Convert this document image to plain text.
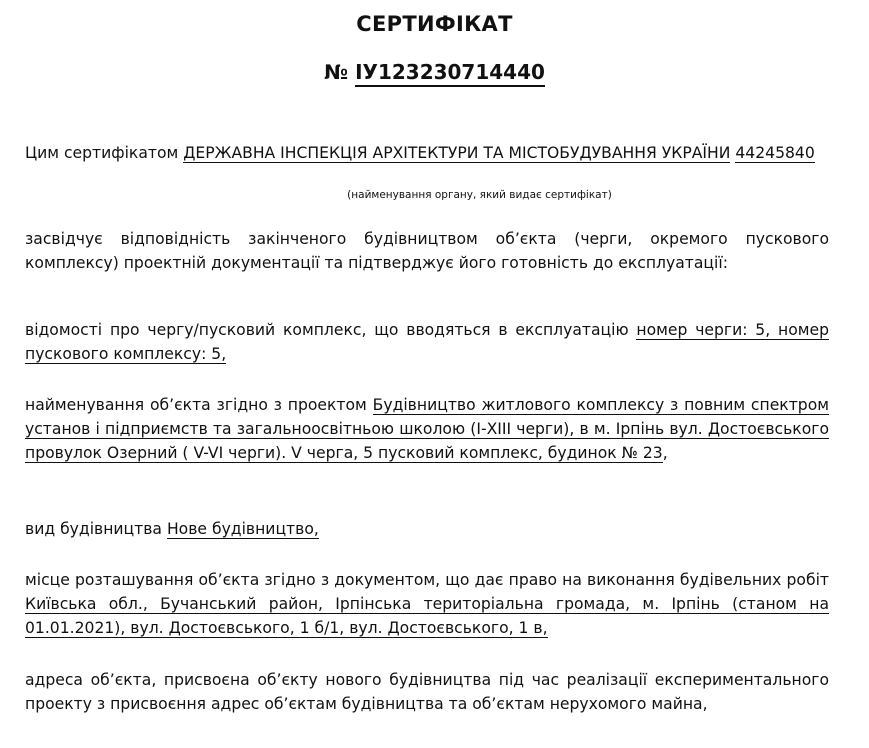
СЕРТИФІКАТ
№ ІУ123230714440
Цим сертифікатом ДЕРЖАВНА ІНСПЕКЦІЯ АРХІТЕКТУРИ ТА МІСТОБУДУВАННЯ УКРАЇНИ 44245840
(найменування органу, який видає сертифікат)
засвідчує відповідність закінченого будівництвом об’єкта (черги, окремого пускового комплексу) проектній документації та підтверджує його готовність до експлуатації:
відомості про чергу/пусковий комплекс, що вводяться в експлуатацію номер черги: 5, номер пускового комплексу: 5,
найменування об’єкта згідно з проектом Будівництво житлового комплексу з повним спектром установ і підприємств та загальноосвітньою школою (І-ХІІІ черги), в м. Ірпінь вул. Достоєвського провулок Озерний ( V-VI черги). V черга, 5 пусковий комплекс, будинок № 23,
вид будівництва Нове будівництво,
місце розташування об’єкта згідно з документом, що дає право на виконання будівельних робіт Київська обл., Бучанський район, Ірпінська територіальна громада, м. Ірпінь (станом на 01.01.2021), вул. Достоєвського, 1 б/1, вул. Достоєвського, 1 в,
адреса об’єкта, присвоєна об’єкту нового будівництва під час реалізації експериментального проекту з присвоєння адрес об’єктам будівництва та об’єктам нерухомого майна,
